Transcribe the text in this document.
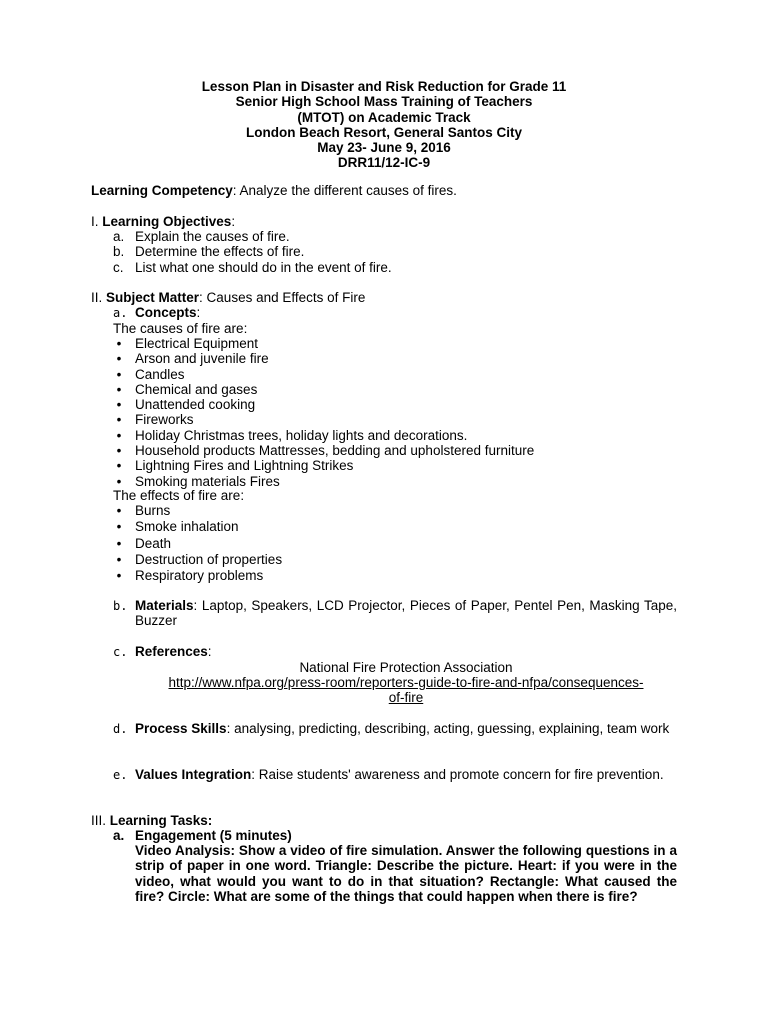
Lesson Plan in Disaster and Risk Reduction for Grade 11
Senior High School Mass Training of Teachers
(MTOT) on Academic Track
London Beach Resort, General Santos City
May 23- June 9, 2016
DRR11/12-IC-9
Learning Competency: Analyze the different causes of fires.
I. Learning Objectives:
a. Explain the causes of fire.
b. Determine the effects of fire.
c. List what one should do in the event of fire.
II. Subject Matter: Causes and Effects of Fire
a. Concepts:
The causes of fire are:
• Electrical Equipment
• Arson and juvenile fire
• Candles
• Chemical and gases
• Unattended cooking
• Fireworks
• Holiday Christmas trees, holiday lights and decorations.
• Household products Mattresses, bedding and upholstered furniture
• Lightning Fires and Lightning Strikes
• Smoking materials Fires
The effects of fire are:
• Burns
• Smoke inhalation
• Death
• Destruction of properties
• Respiratory problems
b. Materials: Laptop, Speakers, LCD Projector, Pieces of Paper, Pentel Pen, Masking Tape, Buzzer
c. References:
National Fire Protection Association
http://www.nfpa.org/press-room/reporters-guide-to-fire-and-nfpa/consequences-
of-fire
d. Process Skills: analysing, predicting, describing, acting, guessing, explaining, team work
e. Values Integration: Raise students' awareness and promote concern for fire prevention.
III. Learning Tasks:
a. Engagement (5 minutes)
Video Analysis: Show a video of fire simulation. Answer the following questions in a strip of paper in one word. Triangle: Describe the picture. Heart: if you were in the video, what would you want to do in that situation? Rectangle: What caused the fire? Circle: What are some of the things that could happen when there is fire?
